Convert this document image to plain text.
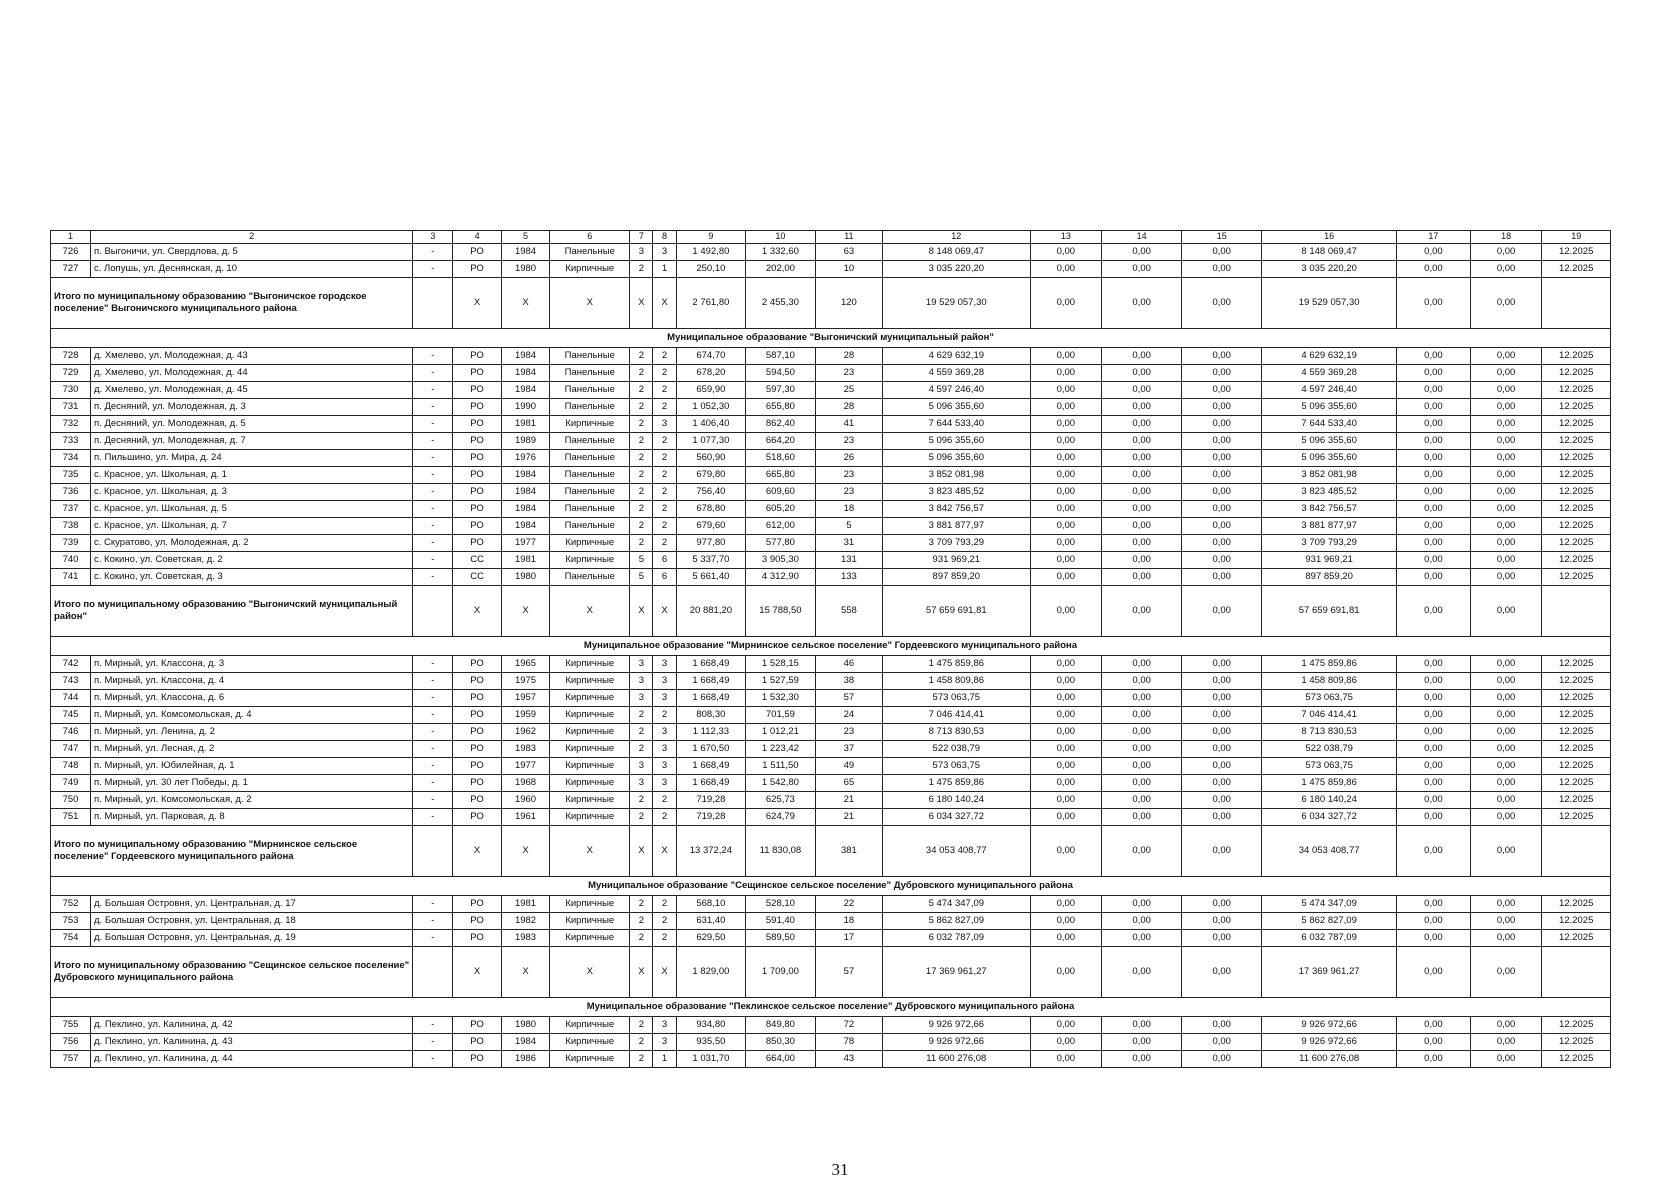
1	2	3	4	5	6	7	8	9	10	11	12	13	14	15	16	17	18	19
726	п. Выгоничи, ул. Свердлова, д. 5	-	РО	1984	Панельные	3	3	1 492,80	1 332,60	63	8 148 069,47	0,00	0,00	0,00	8 148 069,47	0,00	0,00	12.2025
727	с. Лопушь, ул. Деснянская, д. 10	-	РО	1980	Кирпичные	2	1	250,10	202,00	10	3 035 220,20	0,00	0,00	0,00	3 035 220,20	0,00	0,00	12.2025
Итого по муниципальному образованию "Выгоничское городское поселение" Выгоничского муниципального района			X	X	X	X	X	2 761,80	2 455,30	120	19 529 057,30	0,00	0,00	0,00	19 529 057,30	0,00	0,00	
Муниципальное образование "Выгоничский муниципальный район"																		
728	д. Хмелево, ул. Молодежная, д. 43	-	РО	1984	Панельные	2	2	674,70	587,10	28	4 629 632,19	0,00	0,00	0,00	4 629 632,19	0,00	0,00	12.2025
729	д. Хмелево, ул. Молодежная, д. 44	-	РО	1984	Панельные	2	2	678,20	594,50	23	4 559 369,28	0,00	0,00	0,00	4 559 369,28	0,00	0,00	12.2025
730	д. Хмелево, ул. Молодежная, д. 45	-	РО	1984	Панельные	2	2	659,90	597,30	25	4 597 246,40	0,00	0,00	0,00	4 597 246,40	0,00	0,00	12.2025
731	п. Десняний, ул. Молодежная, д. 3	-	РО	1990	Панельные	2	2	1 052,30	655,80	28	5 096 355,60	0,00	0,00	0,00	5 096 355,60	0,00	0,00	12.2025
732	п. Десняний, ул. Молодежная, д. 5	-	РО	1981	Кирпичные	2	3	1 406,40	862,40	41	7 644 533,40	0,00	0,00	0,00	7 644 533,40	0,00	0,00	12.2025
733	п. Десняний, ул. Молодежная, д. 7	-	РО	1989	Панельные	2	2	1 077,30	664,20	23	5 096 355,60	0,00	0,00	0,00	5 096 355,60	0,00	0,00	12.2025
734	п. Пильшино, ул. Мира, д. 24	-	РО	1976	Панельные	2	2	560,90	518,60	26	5 096 355,60	0,00	0,00	0,00	5 096 355,60	0,00	0,00	12.2025
735	с. Красное, ул. Школьная, д. 1	-	РО	1984	Панельные	2	2	679,80	665,80	23	3 852 081,98	0,00	0,00	0,00	3 852 081,98	0,00	0,00	12.2025
736	с. Красное, ул. Школьная, д. 3	-	РО	1984	Панельные	2	2	756,40	609,60	23	3 823 485,52	0,00	0,00	0,00	3 823 485,52	0,00	0,00	12.2025
737	с. Красное, ул. Школьная, д. 5	-	РО	1984	Панельные	2	2	678,80	605,20	18	3 842 756,57	0,00	0,00	0,00	3 842 756,57	0,00	0,00	12.2025
738	с. Красное, ул. Школьная, д. 7	-	РО	1984	Панельные	2	2	679,60	612,00	5	3 881 877,97	0,00	0,00	0,00	3 881 877,97	0,00	0,00	12.2025
739	с. Скуратово, ул. Молодежная, д. 2	-	РО	1977	Кирпичные	2	2	977,80	577,80	31	3 709 793,29	0,00	0,00	0,00	3 709 793,29	0,00	0,00	12.2025
740	с. Кокино, ул. Советская, д. 2	-	СС	1981	Кирпичные	5	6	5 337,70	3 905,30	131	931 969,21	0,00	0,00	0,00	931 969,21	0,00	0,00	12.2025
741	с. Кокино, ул. Советская, д. 3	-	СС	1980	Панельные	5	6	5 661,40	4 312,90	133	897 859,20	0,00	0,00	0,00	897 859,20	0,00	0,00	12.2025
Итого по муниципальному образованию "Выгоничский муниципальный район"			X	X	X	X	X	20 881,20	15 788,50	558	57 659 691,81	0,00	0,00	0,00	57 659 691,81	0,00	0,00	
Муниципальное образование "Мирнинское сельское поселение" Гордеевского муниципального района																		
742	п. Мирный, ул. Классона, д. 3	-	РО	1965	Кирпичные	3	3	1 668,49	1 528,15	46	1 475 859,86	0,00	0,00	0,00	1 475 859,86	0,00	0,00	12.2025
743	п. Мирный, ул. Классона, д. 4	-	РО	1975	Кирпичные	3	3	1 668,49	1 527,59	38	1 458 809,86	0,00	0,00	0,00	1 458 809,86	0,00	0,00	12.2025
744	п. Мирный, ул. Классона, д. 6	-	РО	1957	Кирпичные	3	3	1 668,49	1 532,30	57	573 063,75	0,00	0,00	0,00	573 063,75	0,00	0,00	12.2025
745	п. Мирный, ул. Комсомольская, д. 4	-	РО	1959	Кирпичные	2	2	808,30	701,59	24	7 046 414,41	0,00	0,00	0,00	7 046 414,41	0,00	0,00	12.2025
746	п. Мирный, ул. Ленина, д. 2	-	РО	1962	Кирпичные	2	3	1 112,33	1 012,21	23	8 713 830,53	0,00	0,00	0,00	8 713 830,53	0,00	0,00	12.2025
747	п. Мирный, ул. Лесная, д. 2	-	РО	1983	Кирпичные	2	3	1 670,50	1 223,42	37	522 038,79	0,00	0,00	0,00	522 038,79	0,00	0,00	12.2025
748	п. Мирный, ул. Юбилейная, д. 1	-	РО	1977	Кирпичные	3	3	1 668,49	1 511,50	49	573 063,75	0,00	0,00	0,00	573 063,75	0,00	0,00	12.2025
749	п. Мирный, ул. 30 лет Победы, д. 1	-	РО	1968	Кирпичные	3	3	1 668,49	1 542,80	65	1 475 859,86	0,00	0,00	0,00	1 475 859,86	0,00	0,00	12.2025
750	п. Мирный, ул. Комсомольская, д. 2	-	РО	1960	Кирпичные	2	2	719,28	625,73	21	6 180 140,24	0,00	0,00	0,00	6 180 140,24	0,00	0,00	12.2025
751	п. Мирный, ул. Парковая, д. 8	-	РО	1961	Кирпичные	2	2	719,28	624,79	21	6 034 327,72	0,00	0,00	0,00	6 034 327,72	0,00	0,00	12.2025
Итого по муниципальному образованию "Мирнинское сельское поселение" Гордеевского муниципального района			X	X	X	X	X	13 372,24	11 830,08	381	34 053 408,77	0,00	0,00	0,00	34 053 408,77	0,00	0,00	
Муниципальное образование "Сещинское сельское поселение" Дубровского муниципального района																		
752	д. Большая Островня, ул. Центральная, д. 17	-	РО	1981	Кирпичные	2	2	568,10	528,10	22	5 474 347,09	0,00	0,00	0,00	5 474 347,09	0,00	0,00	12.2025
753	д. Большая Островня, ул. Центральная, д. 18	-	РО	1982	Кирпичные	2	2	631,40	591,40	18	5 862 827,09	0,00	0,00	0,00	5 862 827,09	0,00	0,00	12.2025
754	д. Большая Островня, ул. Центральная, д. 19	-	РО	1983	Кирпичные	2	2	629,50	589,50	17	6 032 787,09	0,00	0,00	0,00	6 032 787,09	0,00	0,00	12.2025
Итого по муниципальному образованию "Сещинское сельское поселение" Дубровского муниципального района			X	X	X	X	X	1 829,00	1 709,00	57	17 369 961,27	0,00	0,00	0,00	17 369 961,27	0,00	0,00	
Муниципальное образование "Пеклинское сельское поселение" Дубровского муниципального района																		
755	д. Пеклино, ул. Калинина, д. 42	-	РО	1980	Кирпичные	2	3	934,80	849,80	72	9 926 972,66	0,00	0,00	0,00	9 926 972,66	0,00	0,00	12.2025
756	д. Пеклино, ул. Калинина, д. 43	-	РО	1984	Кирпичные	2	3	935,50	850,30	78	9 926 972,66	0,00	0,00	0,00	9 926 972,66	0,00	0,00	12.2025
757	д. Пеклино, ул. Калинина, д. 44	-	РО	1986	Кирпичные	2	1	1 031,70	664,00	43	11 600 276,08	0,00	0,00	0,00	11 600 276,08	0,00	0,00	12.2025
31
